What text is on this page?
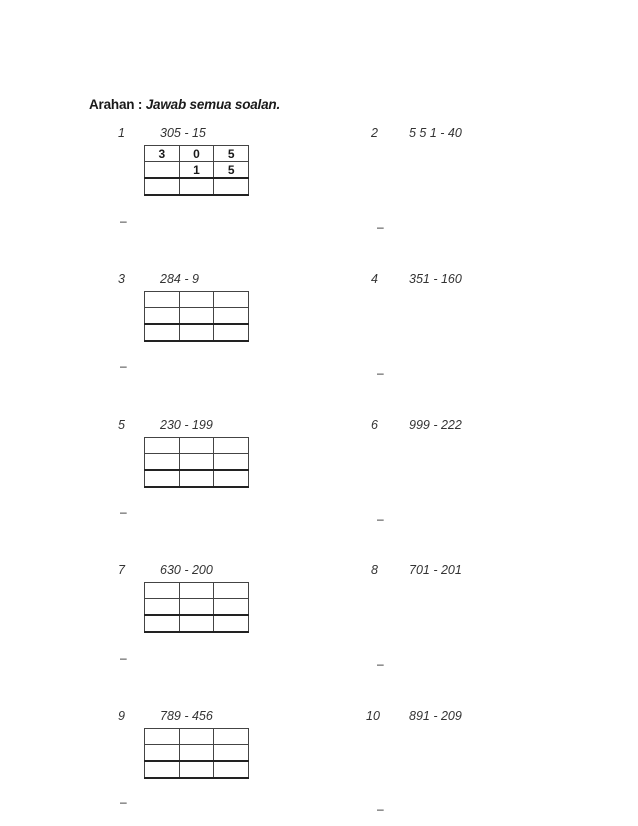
Arahan : Jawab semua soalan.
1	305 - 15
3	0	5
	1	5

–
2 5 5 1 - 40
–
3	284 - 9

–
4 351 - 160
–
5	230 - 199

–
6 999 - 222
–
7	630 - 200

–
8 701 - 201
–
9	789 - 456

–
10 891 - 209
–
